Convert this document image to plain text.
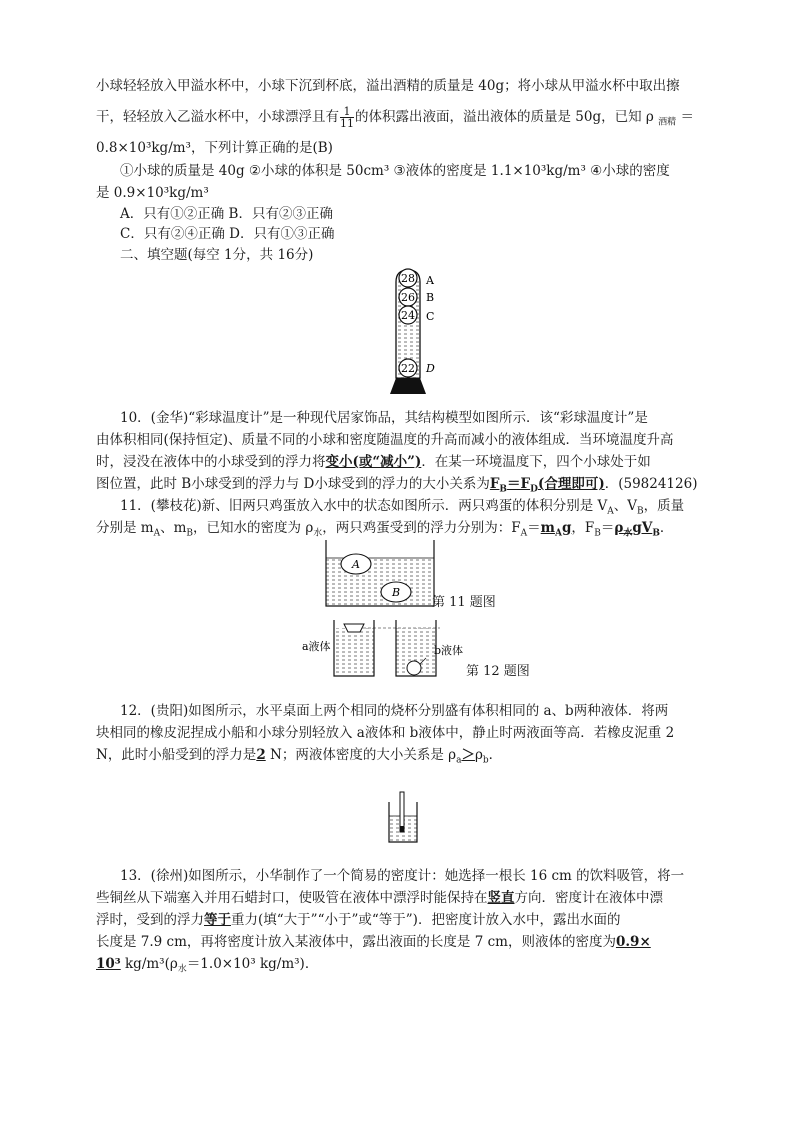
小球轻轻放入甲溢水杯中，小球下沉到杯底，溢出酒精的质量是 40g；将小球从甲溢水杯中取出擦
干，轻轻放入乙溢水杯中，小球漂浮且有 $\frac{1}{11}$ 的体积露出液面，溢出液体的质量是 50g，已知 ρ $_{酒精}$ ＝
0.8×10³kg/m³，下列计算正确的是(B)
①小球的质量是 40g ②小球的体积是 50cm³ ③液体的密度是 1.1×10³kg/m³ ④小球的密度
是 0.9×10³kg/m³
A．只有①②正确 B．只有②③正确
C．只有②④正确 D．只有①③正确
二、填空题(每空 1分，共 16分)
28
26
24
22
A
B
C
D
10．(金华)“彩球温度计”是一种现代居家饰品，其结构模型如图所示．该“彩球温度计”是
由体积相同(保持恒定)、质量不同的小球和密度随温度的升高而减小的液体组成．当环境温度升高
时，浸没在液体中的小球受到的浮力将变小(或“减小”)．在某一环境温度下，四个小球处于如
图位置，此时 B小球受到的浮力与 D小球受到的浮力的大小关系为$F_B=F_D$(合理即可)．(59824126)
11．(攀枝花)新、旧两只鸡蛋放入水中的状态如图所示．两只鸡蛋的体积分别是 $V_A$、$V_B$，质量
分别是 $m_A$、$m_B$，已知水的密度为 $\rho_水$，两只鸡蛋受到的浮力分别为：$F_A=m_Ag$，$F_B=\rho_水gV_B$．
A
B
第 11 题图
a液体	b液体
第 12 题图
12．(贵阳)如图所示，水平桌面上两个相同的烧杯分别盛有体积相同的 a、b两种液体．将两
块相同的橡皮泥捏成小船和小球分别轻放入 a液体和 b液体中，静止时两液面等高．若橡皮泥重 2
N，此时小船受到的浮力是2 N；两液体密度的大小关系是 $\rho_a>\rho_b$．
13．(徐州)如图所示，小华制作了一个简易的密度计：她选择一根长 16 cm 的饮料吸管，将一
些铜丝从下端塞入并用石蜡封口，使吸管在液体中漂浮时能保持在竖直方向．密度计在液体中漂
浮时，受到的浮力等于重力(填“大于”“小于”或“等于”)．把密度计放入水中，露出水面的
长度是 7.9 cm，再将密度计放入某液体中，露出液面的长度是 7 cm，则液体的密度为0.9×
10³ $kg/m^3(\rho_水=1.0\times 10^3$ kg/m³)．
